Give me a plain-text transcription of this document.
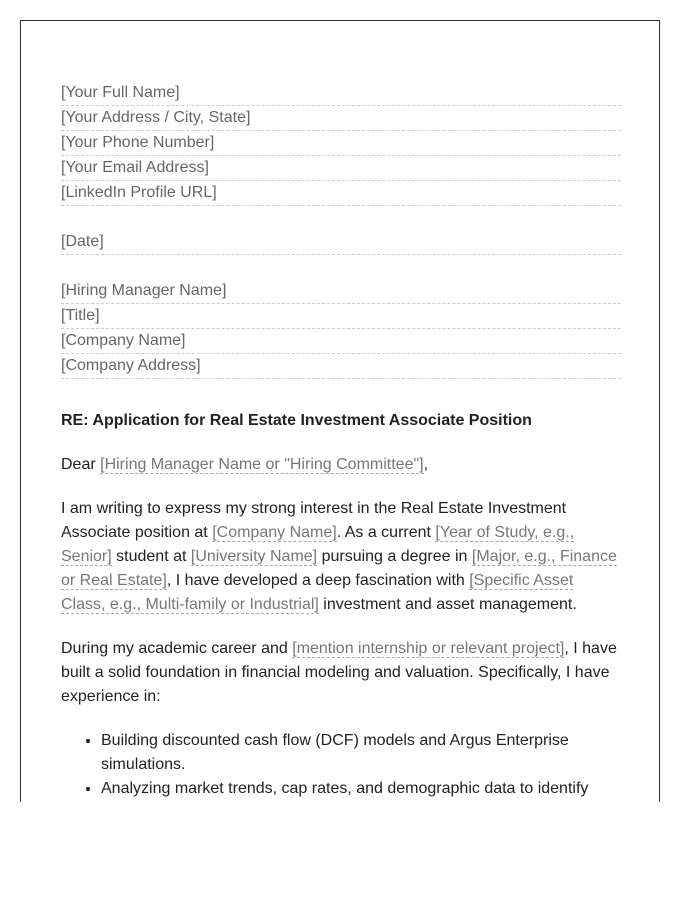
[Your Full Name]
[Your Address / City, State]
[Your Phone Number]
[Your Email Address]
[LinkedIn Profile URL]
[Date]
[Hiring Manager Name]
[Title]
[Company Name]
[Company Address]
RE: Application for Real Estate Investment Associate Position

Dear [Hiring Manager Name or "Hiring Committee"],

I am writing to express my strong interest in the Real Estate Investment Associate position at [Company Name]. As a current [Year of Study, e.g., Senior] student at [University Name] pursuing a degree in [Major, e.g., Finance or Real Estate], I have developed a deep fascination with [Specific Asset Class, e.g., Multi-family or Industrial] investment and asset management.

During my academic career and [mention internship or relevant project], I have built a solid foundation in financial modeling and valuation. Specifically, I have experience in:

• Building discounted cash flow (DCF) models and Argus Enterprise simulations.
• Analyzing market trends, cap rates, and demographic data to identify
